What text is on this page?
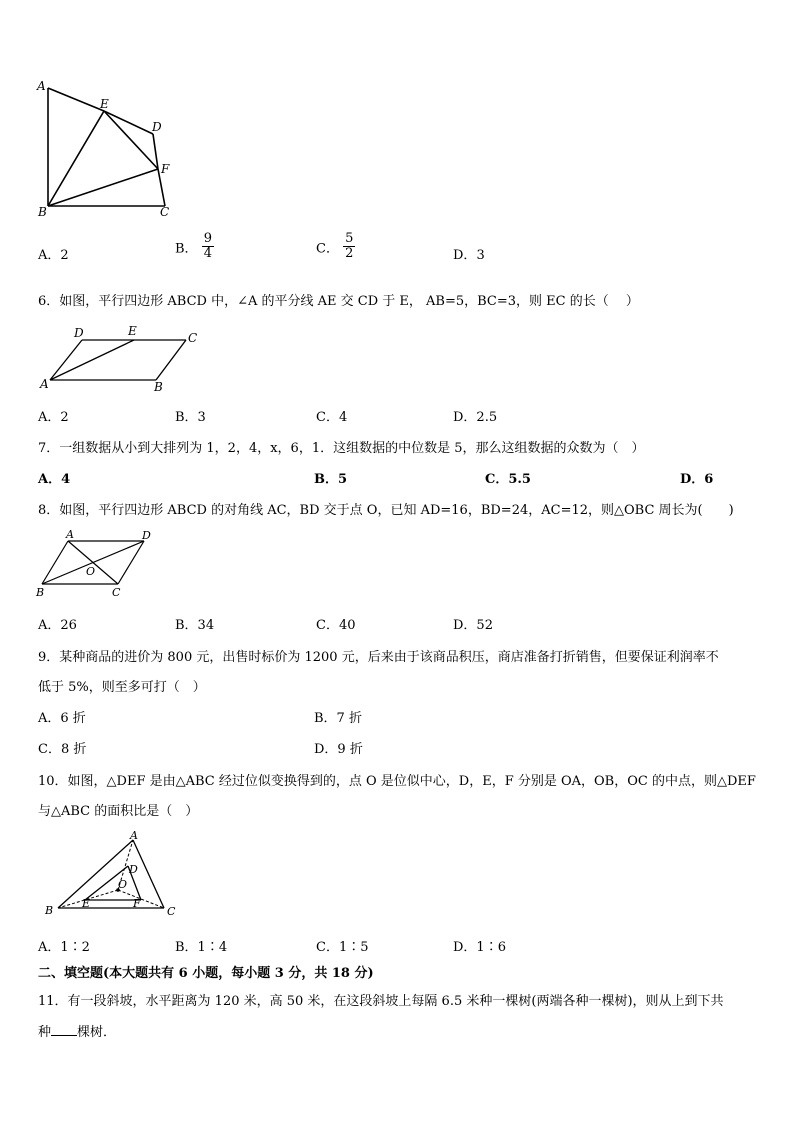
A
B	C
D
E
F
A．2	B． $\frac{9}{4}$	C． $\frac{5}{2}$	D．3
6．如图，平行四边形 ABCD 中，∠A 的平分线 AE 交 CD 于 E， AB=5，BC=3，则 EC 的长（　 ）
A	B
C
D	E
A．2	B．3	C．4	D．2.5
7．一组数据从小到大排列为 1，2，4，x，6，1．这组数据的中位数是 5，那么这组数据的众数为（　）
A．4	B．5	C．5.5	D．6
8．如图，平行四边形 ABCD 的对角线 AC，BD 交于点 O，已知 AD=16，BD=24，AC=12，则△OBC 周长为(　　)
A	D
B	C
O
A．26	B．34	C．40	D．52
9．某种商品的进价为 800 元，出售时标价为 1200 元，后来由于该商品积压，商店准备打折销售，但要保证利润率不
低于 5%，则至多可打（　）
A．6 折	B．7 折
C．8 折	D．9 折
10．如图，△DEF 是由△ABC 经过位似变换得到的，点 O 是位似中心，D，E，F 分别是 OA，OB，OC 的中点，则△DEF
与△ABC 的面积比是（　）
A
B	C
D
E	F
O
A．1∶2	B．1∶4	C．1∶5	D．1∶6
二、填空题(本大题共有 6 小题，每小题 3 分，共 18 分)
11．有一段斜坡，水平距离为 120 米，高 50 米，在这段斜坡上每隔 6.5 米种一棵树(两端各种一棵树)，则从上到下共
种 棵树．
